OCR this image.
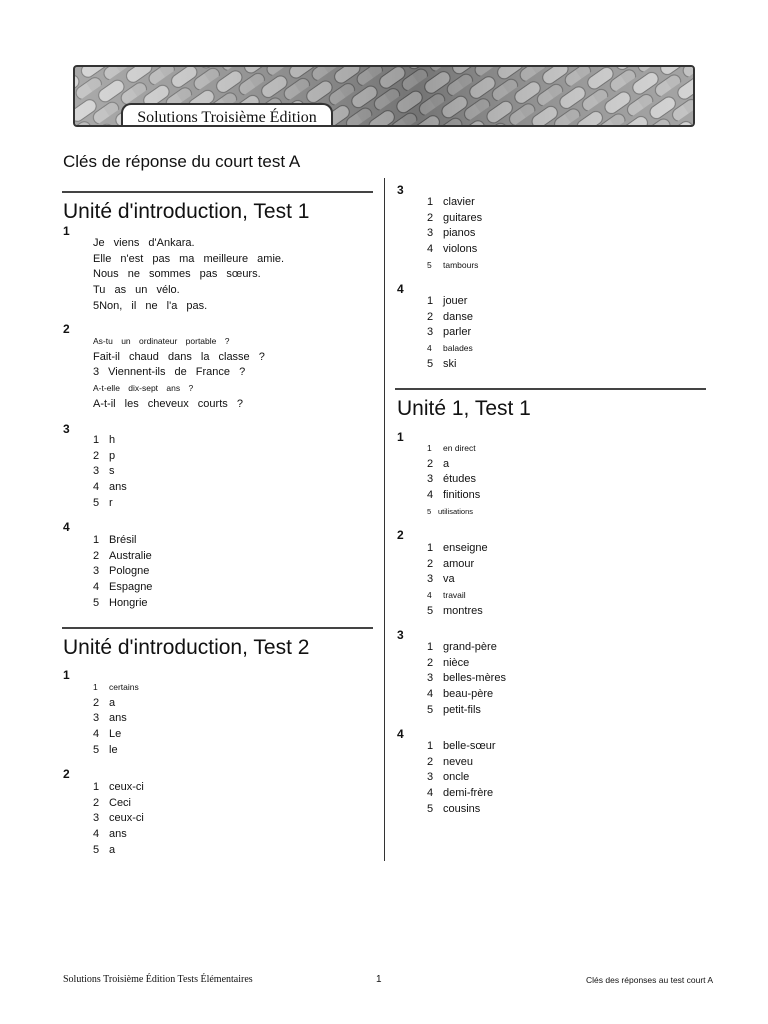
Solutions Troisième Édition
Clés de réponse du court test A
Unité d'introduction, Test 1
1
Je viens d'Ankara.
Elle n'est pas ma meilleure amie.
Nous ne sommes pas sœurs.
Tu as un vélo.
5Non, il ne l'a pas.
2
As-tu un ordinateur portable ?
Fait-il chaud dans la classe ?
3 Viennent-ils de France ?
A-t-elle dix-sept ans ?
A-t-il les cheveux courts ?
3
1 h
2 p
3 s
4 ans
5 r
4
1 Brésil
2 Australie
3 Pologne
4 Espagne
5 Hongrie
Unité d'introduction, Test 2
1
1 certains
2 a
3 ans
4 Le
5 le
2
1 ceux-ci
2 Ceci
3 ceux-ci
4 ans
5 a
3
1 clavier
2 guitares
3 pianos
4 violons
5 tambours
4
1 jouer
2 danse
3 parler
4 balades
5 ski
Unité 1, Test 1
1
1 en direct
2 a
3 études
4 finitions
5 utilisations
2
1 enseigne
2 amour
3 va
4 travail
5 montres
3
1 grand-père
2 nièce
3 belles-mères
4 beau-père
5 petit-fils
4
1 belle-sœur
2 neveu
3 oncle
4 demi-frère
5 cousins
Solutions Troisième Édition Tests Élémentaires	1	Clés des réponses au test court A
